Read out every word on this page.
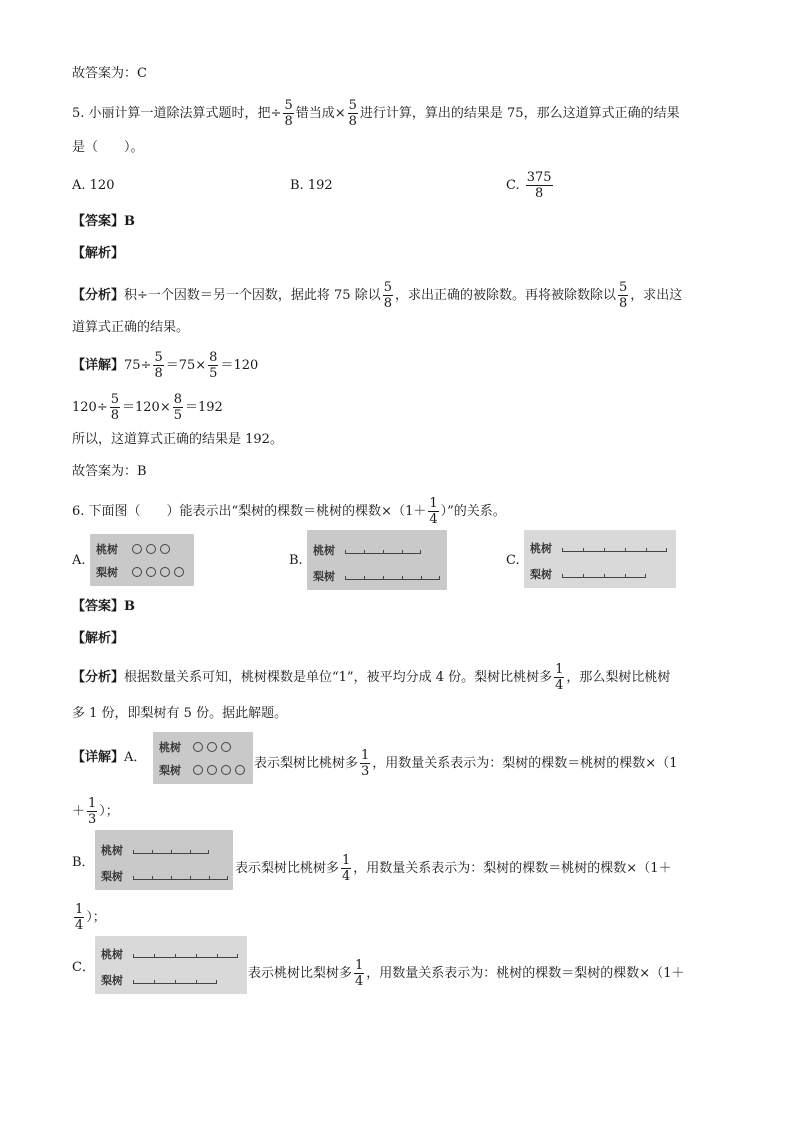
故答案为：C
5. 小丽计算一道除法算式题时，把÷ $\frac{5}{8}$ 错当成× $\frac{5}{8}$ 进行计算，算出的结果是 75，那么这道算式正确的结果
是（　　）。
A. 120	B. 192	C. $\frac{375}{8}$
【答案】B
【解析】
【分析】积÷一个因数＝另一个因数，据此将 75 除以 $\frac{5}{8}$ ，求出正确的被除数。再将被除数除以 $\frac{5}{8}$ ，求出这
道算式正确的结果。
【详解】$75\div \frac{5}{8} =75\times \frac{8}{5} =120$
$120\div \frac{5}{8} =120\times \frac{8}{5} =192$
所以，这道算式正确的结果是 192。
故答案为：B
6. 下面图（　　）能表示出“梨树的棵数＝桃树的棵数$\times(1+ \frac{1}{4}$ ）”的关系。
A.
桃树
梨树
B.
桃树
梨树
C.
桃树
梨树
【答案】B
【解析】
【分析】根据数量关系可知，桃树棵数是单位“1”，被平均分成 4 份。梨树比桃树多 $\frac{1}{4}$ ，那么梨树比桃树
多 1 份，即梨树有 5 份。据此解题。
【详解】A．
桃树
梨树	表示梨树比桃树多 $\frac{1}{3}$ ，用数量关系表示为：梨树的棵数＝桃树的棵数×（1
＋ $\frac{1}{3}$ ）；
B．
桃树
梨树
表示梨树比桃树多 $\frac{1}{4}$ ，用数量关系表示为：梨树的棵数＝桃树的棵数×（1＋
$\frac{1}{4}$ ）；
C．
桃树
梨树	表示桃树比梨树多 $\frac{1}{4}$ ，用数量关系表示为：桃树的棵数＝梨树的棵数×（1＋
